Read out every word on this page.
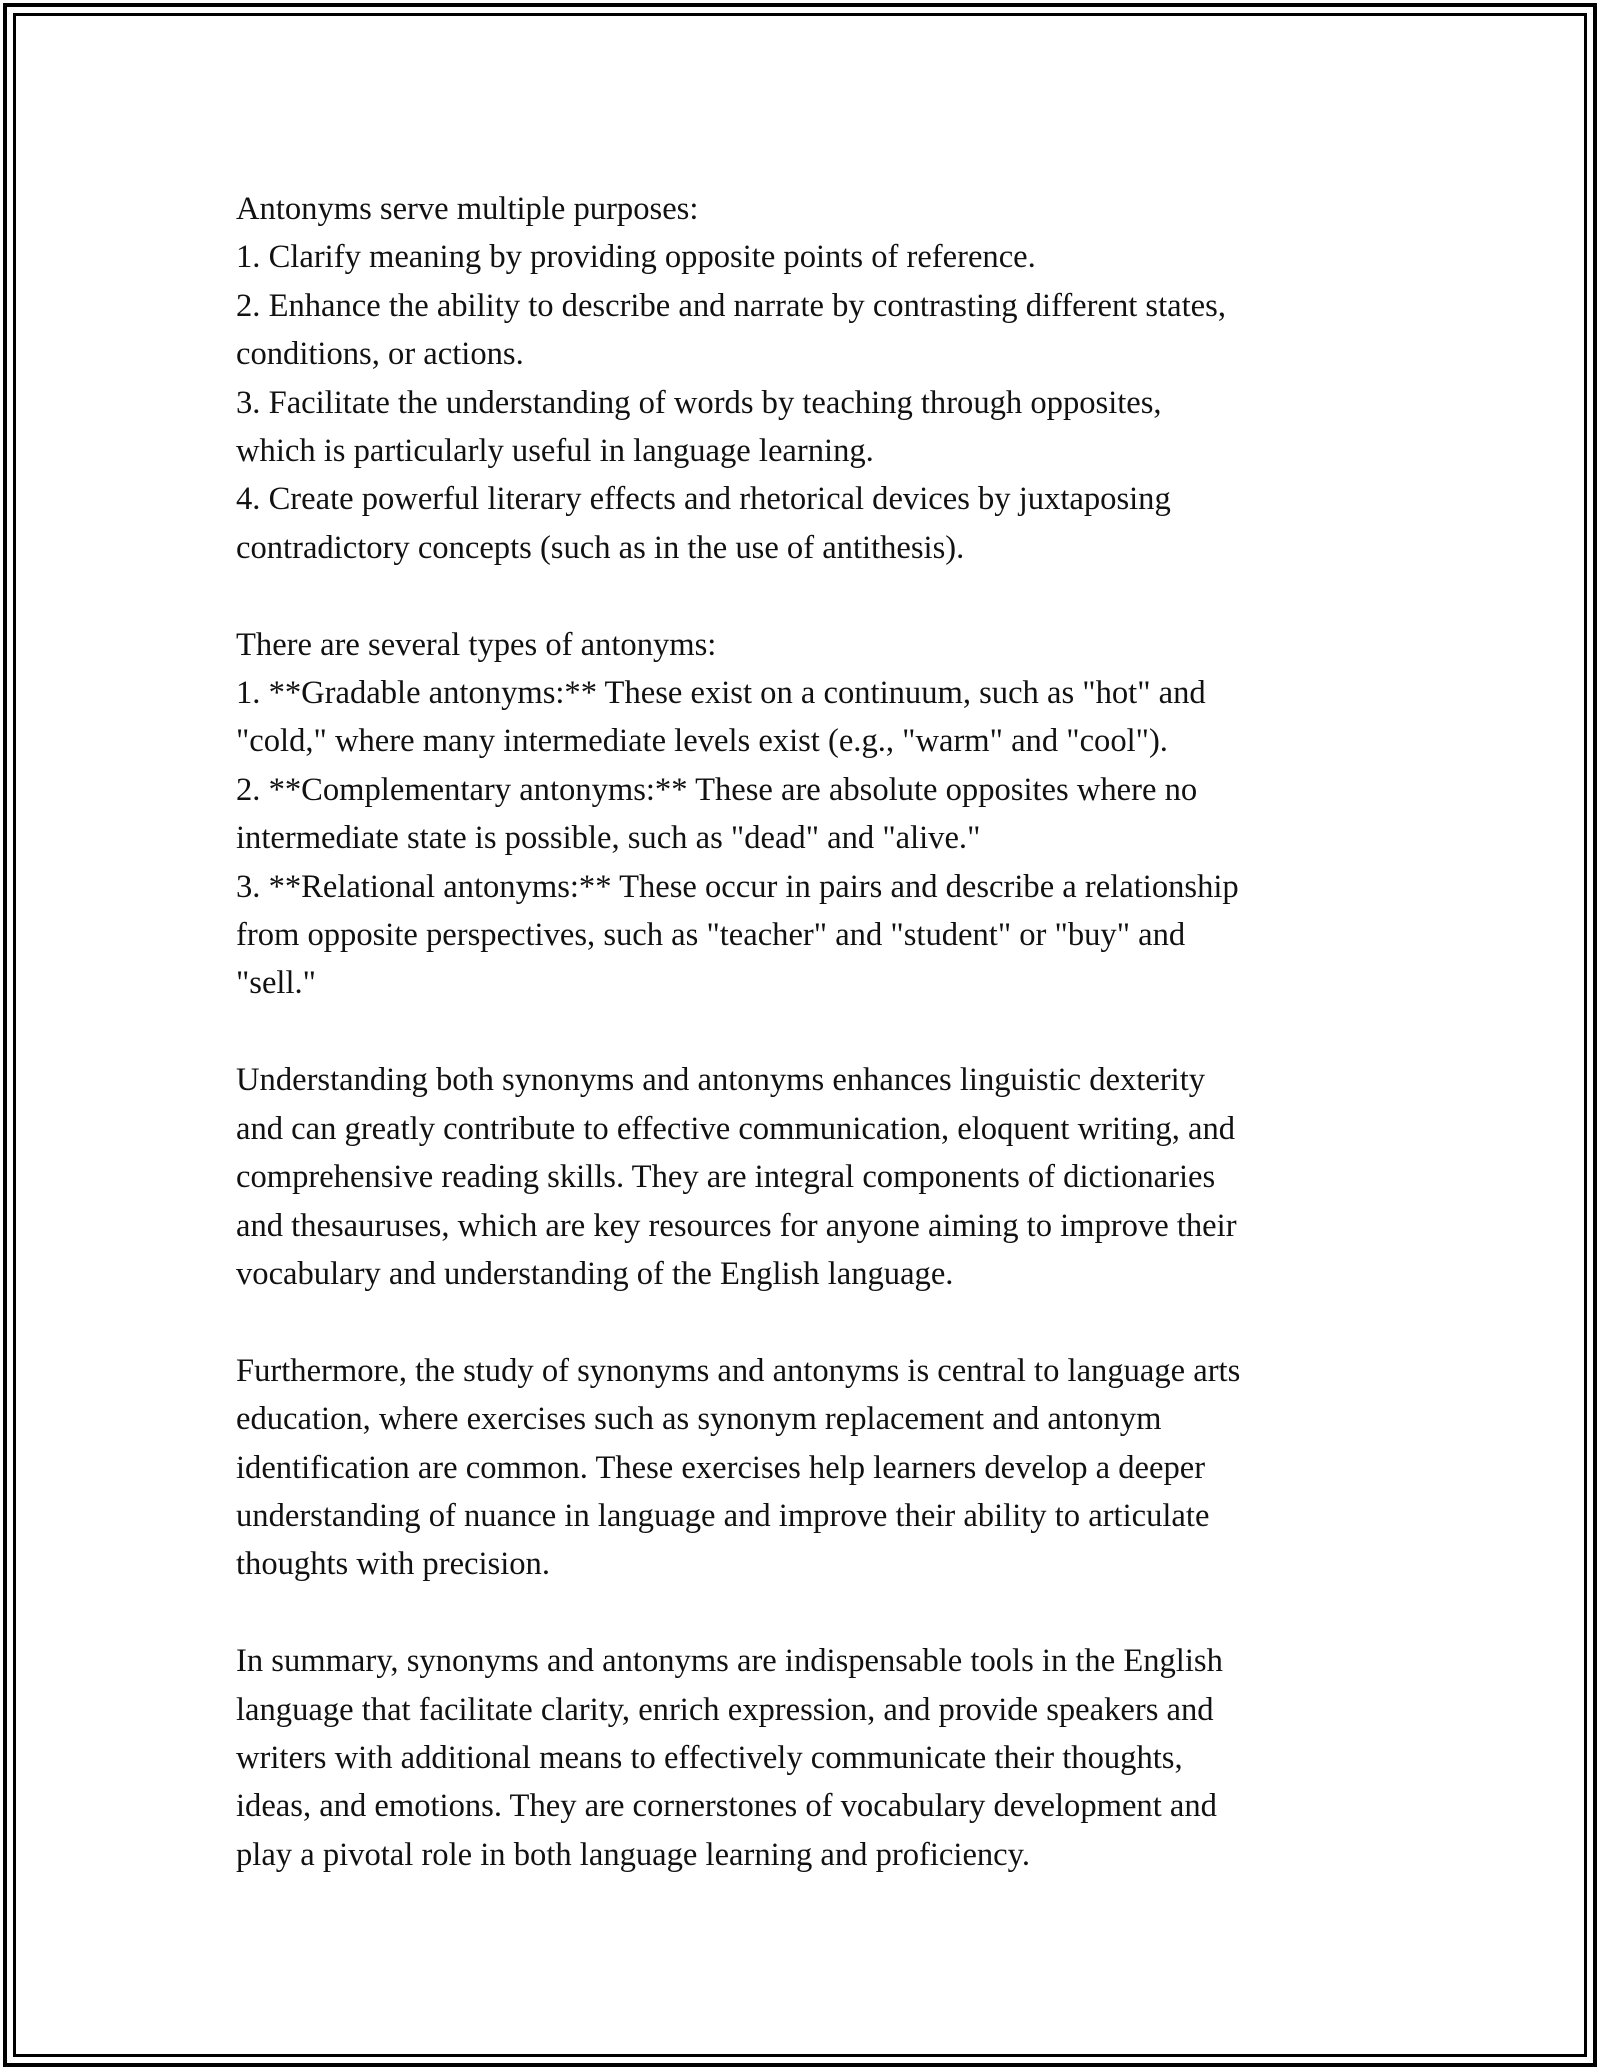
Antonyms serve multiple purposes:
1. Clarify meaning by providing opposite points of reference.
2. Enhance the ability to describe and narrate by contrasting different states,
conditions, or actions.
3. Facilitate the understanding of words by teaching through opposites,
which is particularly useful in language learning.
4. Create powerful literary effects and rhetorical devices by juxtaposing
contradictory concepts (such as in the use of antithesis).
There are several types of antonyms:
1. **Gradable antonyms:** These exist on a continuum, such as "hot" and
"cold," where many intermediate levels exist (e.g., "warm" and "cool").
2. **Complementary antonyms:** These are absolute opposites where no
intermediate state is possible, such as "dead" and "alive."
3. **Relational antonyms:** These occur in pairs and describe a relationship
from opposite perspectives, such as "teacher" and "student" or "buy" and
"sell."
Understanding both synonyms and antonyms enhances linguistic dexterity
and can greatly contribute to effective communication, eloquent writing, and
comprehensive reading skills. They are integral components of dictionaries
and thesauruses, which are key resources for anyone aiming to improve their
vocabulary and understanding of the English language.
Furthermore, the study of synonyms and antonyms is central to language arts
education, where exercises such as synonym replacement and antonym
identification are common. These exercises help learners develop a deeper
understanding of nuance in language and improve their ability to articulate
thoughts with precision.
In summary, synonyms and antonyms are indispensable tools in the English
language that facilitate clarity, enrich expression, and provide speakers and
writers with additional means to effectively communicate their thoughts,
ideas, and emotions. They are cornerstones of vocabulary development and
play a pivotal role in both language learning and proficiency.
